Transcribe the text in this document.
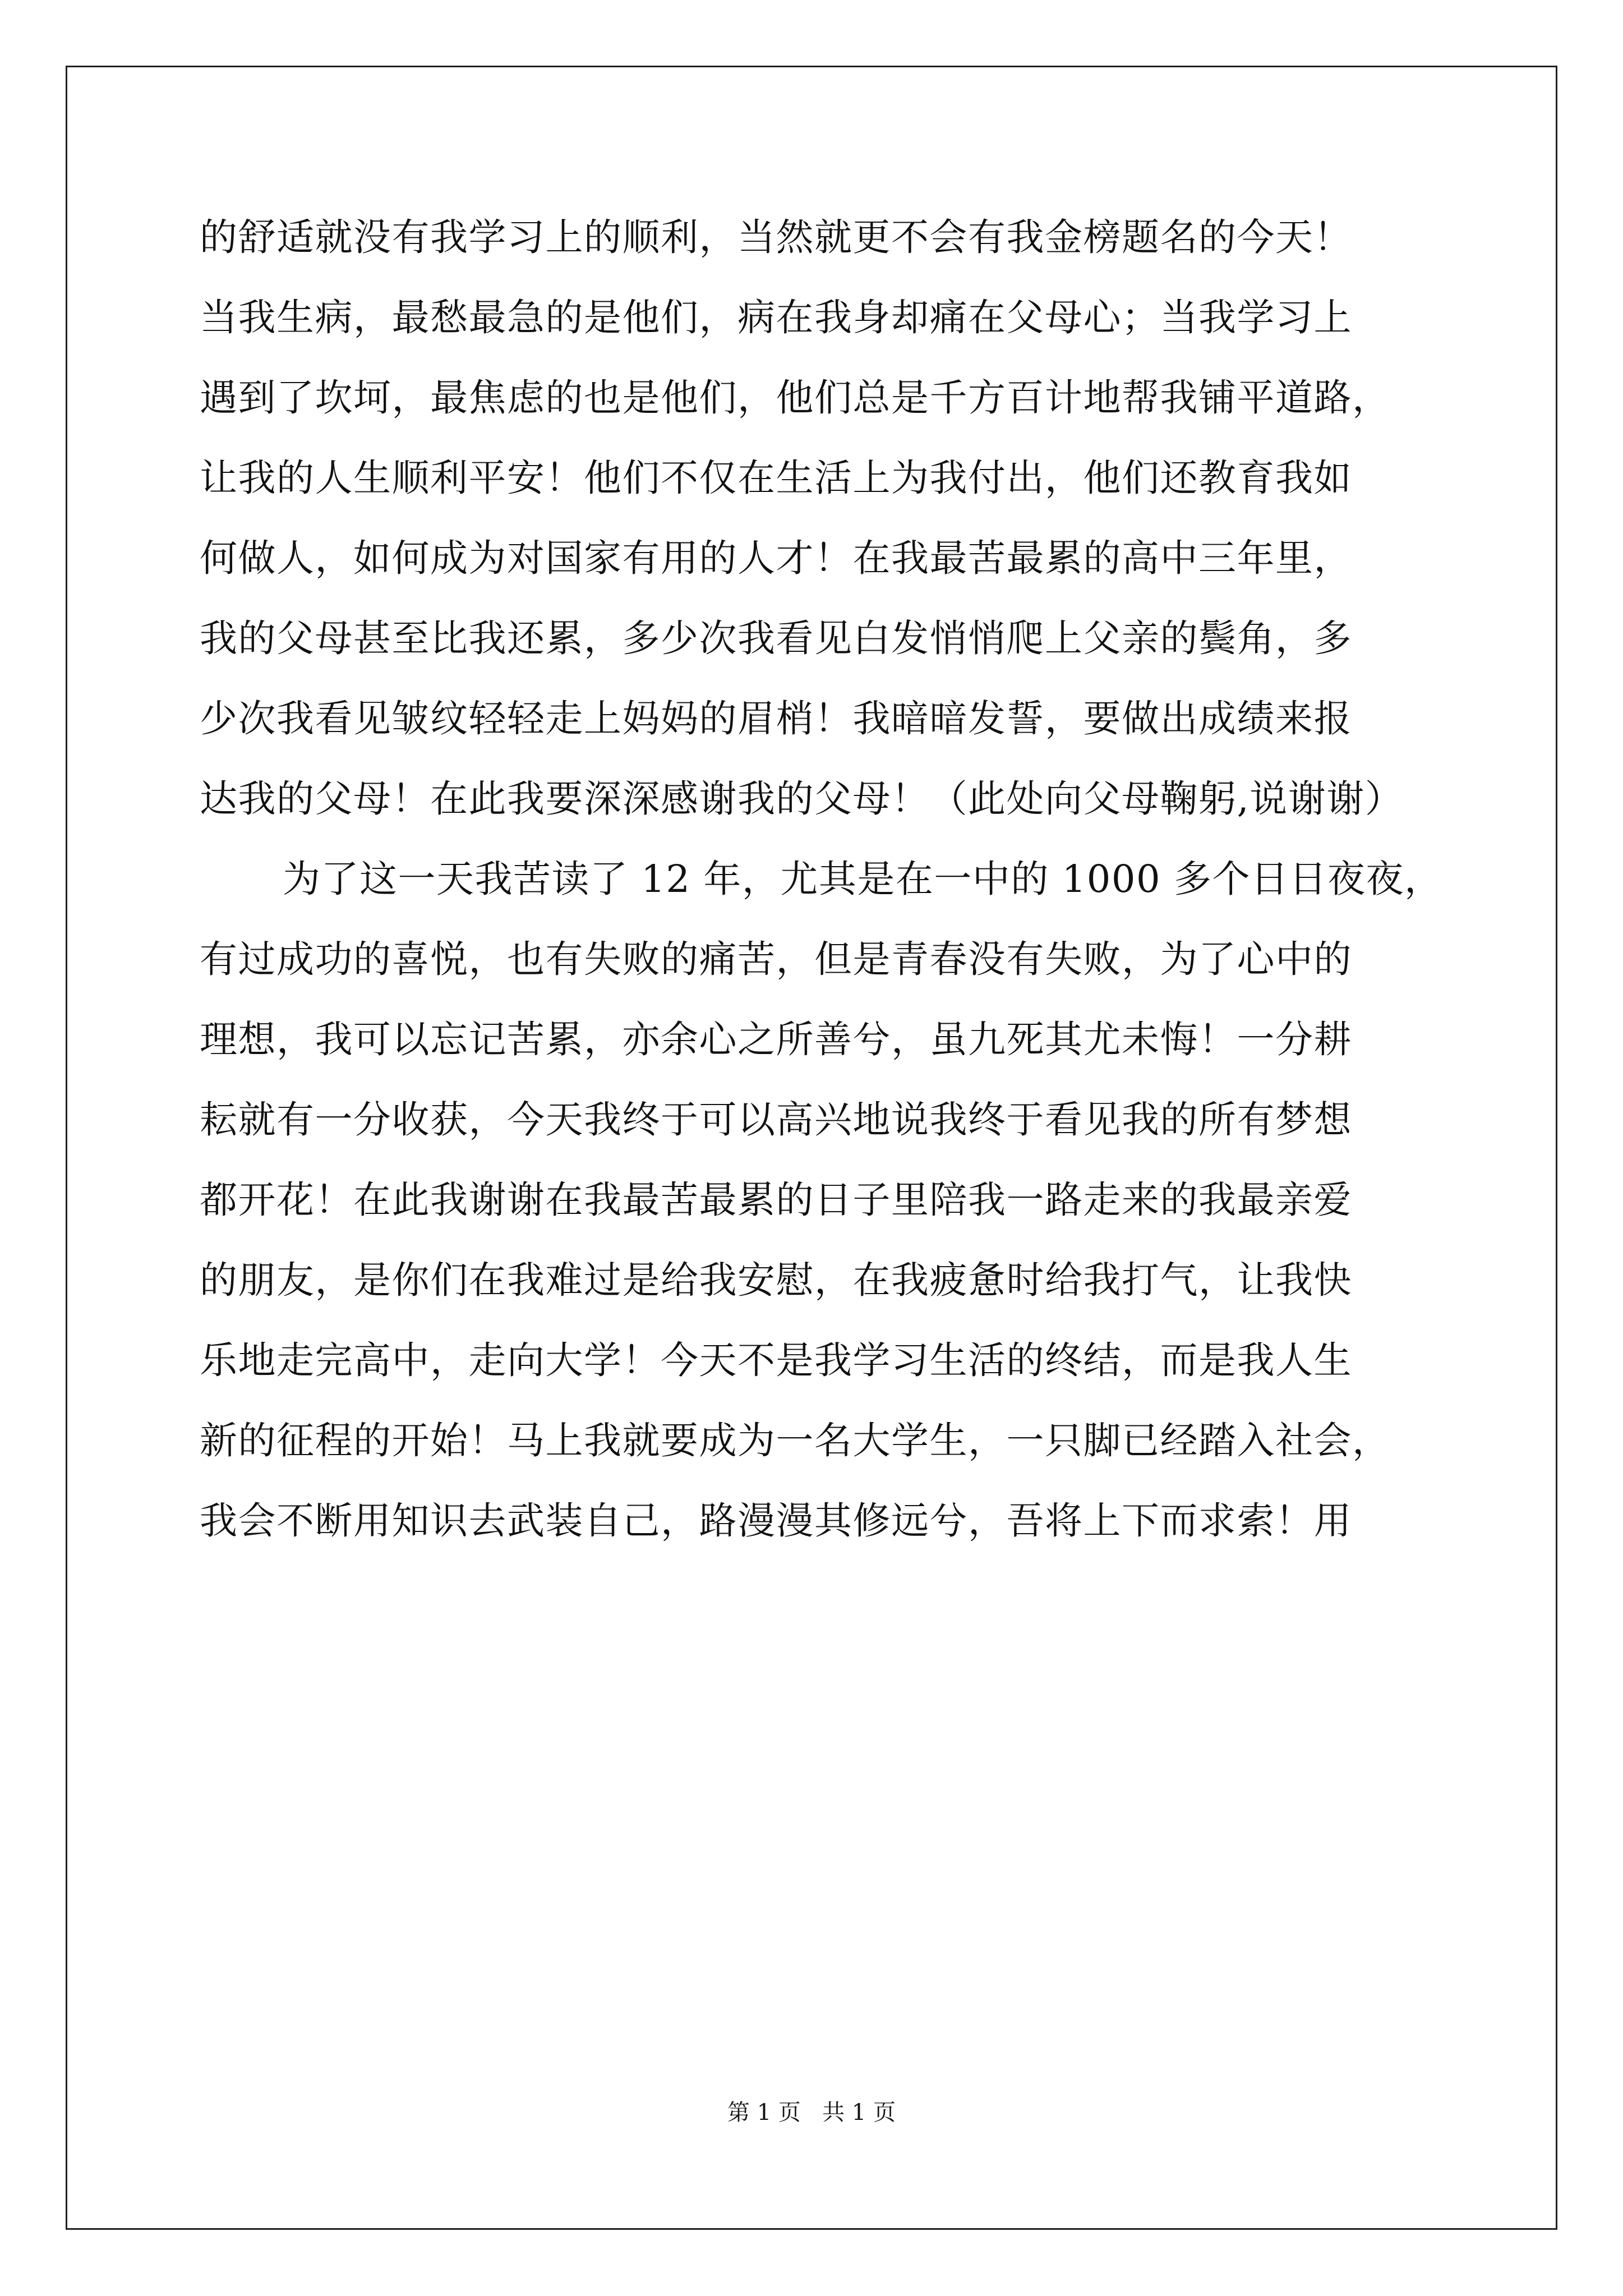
的舒适就没有我学习上的顺利，当然就更不会有我金榜题名的今天！
当我生病，最愁最急的是他们，病在我身却痛在父母心；当我学习上
遇到了坎坷，最焦虑的也是他们，他们总是千方百计地帮我铺平道路，
让我的人生顺利平安！他们不仅在生活上为我付出，他们还教育我如
何做人，如何成为对国家有用的人才！在我最苦最累的高中三年里，
我的父母甚至比我还累，多少次我看见白发悄悄爬上父亲的鬓角，多
少次我看见皱纹轻轻走上妈妈的眉梢！我暗暗发誓，要做出成绩来报
达我的父母！在此我要深深感谢我的父母！（此处向父母鞠躬,说谢谢）
为了这一天我苦读了 12 年，尤其是在一中的 1000 多个日日夜夜，
有过成功的喜悦，也有失败的痛苦，但是青春没有失败，为了心中的
理想，我可以忘记苦累，亦余心之所善兮，虽九死其尤未悔！一分耕
耘就有一分收获，今天我终于可以高兴地说我终于看见我的所有梦想
都开花！在此我谢谢在我最苦最累的日子里陪我一路走来的我最亲爱
的朋友，是你们在我难过是给我安慰，在我疲惫时给我打气，让我快
乐地走完高中，走向大学！今天不是我学习生活的终结，而是我人生
新的征程的开始！马上我就要成为一名大学生，一只脚已经踏入社会，
我会不断用知识去武装自己，路漫漫其修远兮，吾将上下而求索！用
第 1 页   共 1 页
